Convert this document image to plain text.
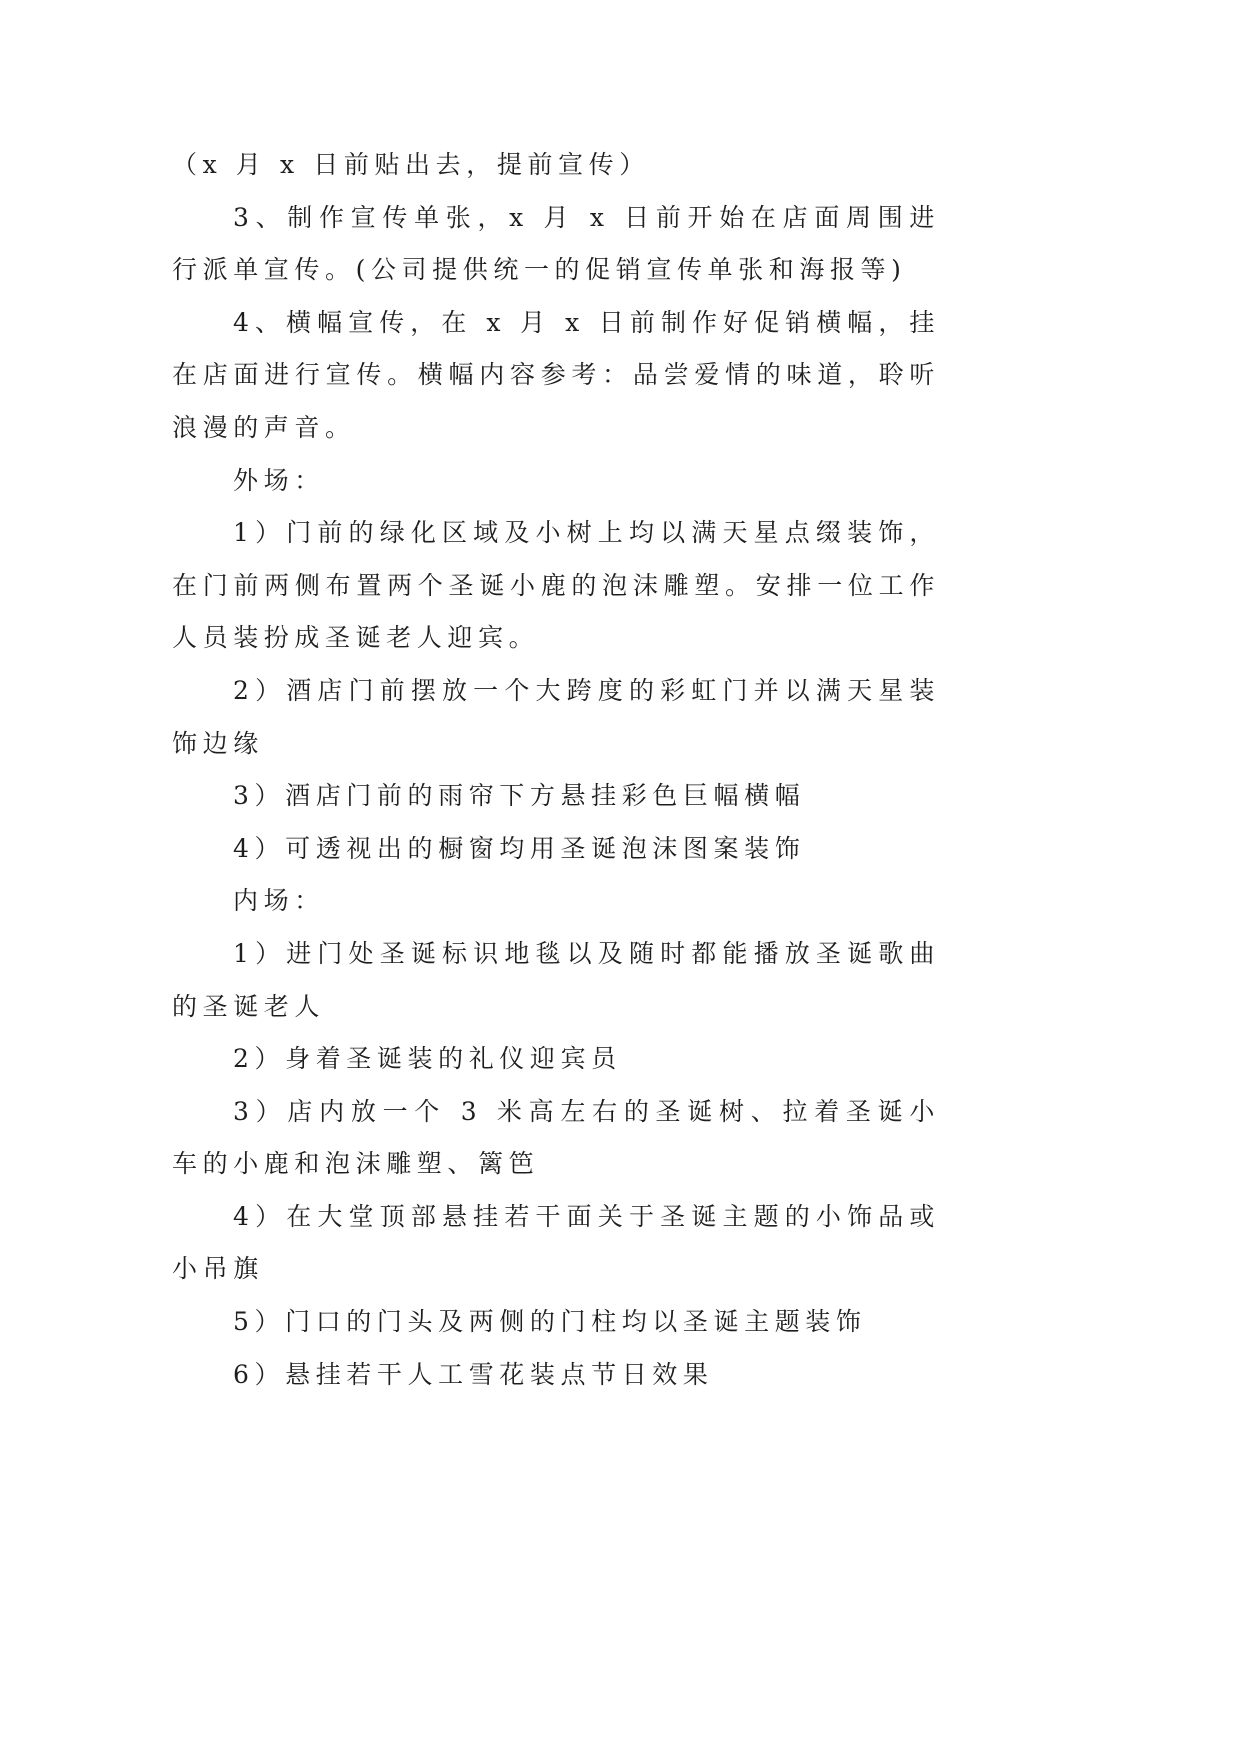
（x 月 x 日前贴出去，提前宣传）

3、制作宣传单张，x 月 x 日前开始在店面周围进行派单宣传。(公司提供统一的促销宣传单张和海报等)

4、横幅宣传，在 x 月 x 日前制作好促销横幅，挂在店面进行宣传。横幅内容参考：品尝爱情的味道，聆听浪漫的声音。

外场：

1）门前的绿化区域及小树上均以满天星点缀装饰，在门前两侧布置两个圣诞小鹿的泡沫雕塑。安排一位工作人员装扮成圣诞老人迎宾。

2）酒店门前摆放一个大跨度的彩虹门并以满天星装饰边缘

3）酒店门前的雨帘下方悬挂彩色巨幅横幅

4）可透视出的橱窗均用圣诞泡沫图案装饰

内场：

1）进门处圣诞标识地毯以及随时都能播放圣诞歌曲的圣诞老人

2）身着圣诞装的礼仪迎宾员

3）店内放一个 3 米高左右的圣诞树、拉着圣诞小车的小鹿和泡沫雕塑、篱笆

4）在大堂顶部悬挂若干面关于圣诞主题的小饰品或小吊旗

5）门口的门头及两侧的门柱均以圣诞主题装饰

6）悬挂若干人工雪花装点节日效果
